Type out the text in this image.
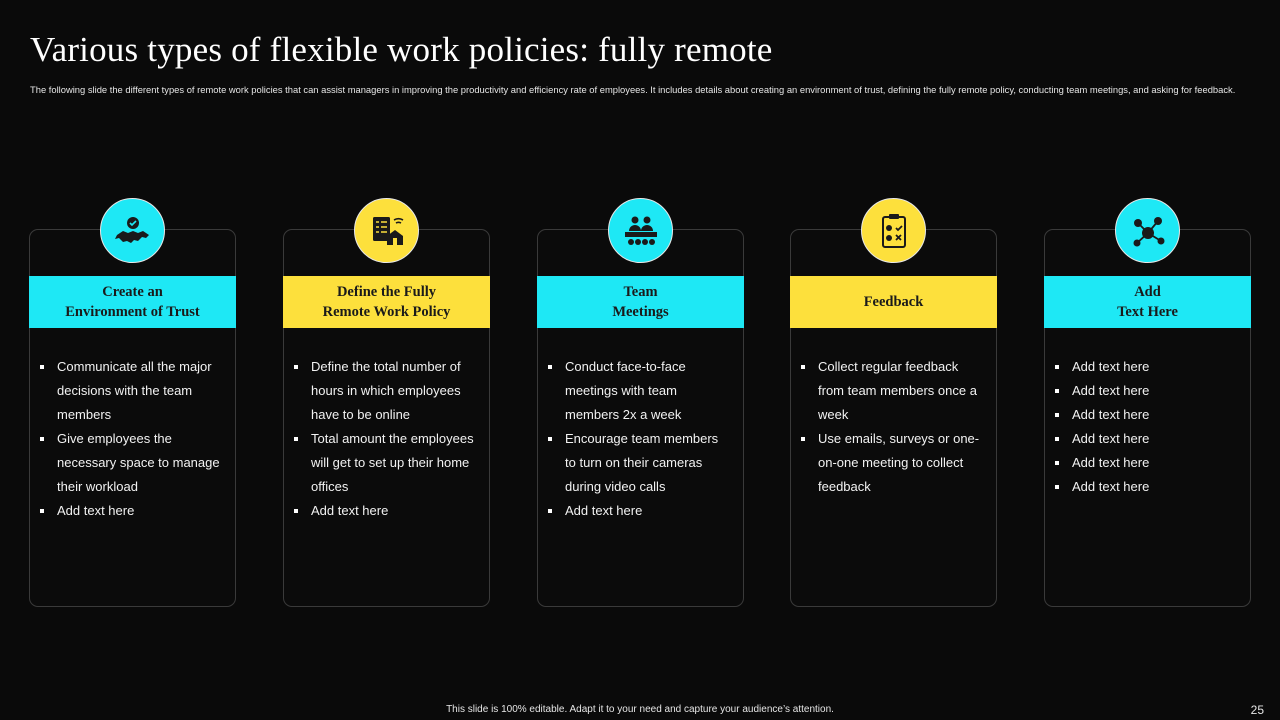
Various types of flexible work policies: fully remote

The following slide the different types of remote work policies that can assist managers in improving the productivity and efficiency rate of employees. It includes details about creating an environment of trust, defining the fully remote policy, conducting team meetings, and asking for feedback.

Create an
Environment of Trust
Communicate all the major decisions with the team members
Give employees the necessary space to manage their workload
Add text here
Define the Fully
Remote Work Policy
Define the total number of hours in which employees have to be online
Total amount the employees will get to set up their home offices
Add text here
Team
Meetings
Conduct face-to-face meetings with team members 2x a week
Encourage team members to turn on their cameras during video calls
Add text here
Feedback
Collect regular feedback from team members once a week
Use emails, surveys or one-on-one meeting to collect feedback
Add
Text Here
Add text here
Add text here
Add text here
Add text here
Add text here
Add text here
This slide is 100% editable. Adapt it to your need and capture your audience’s attention.	25
